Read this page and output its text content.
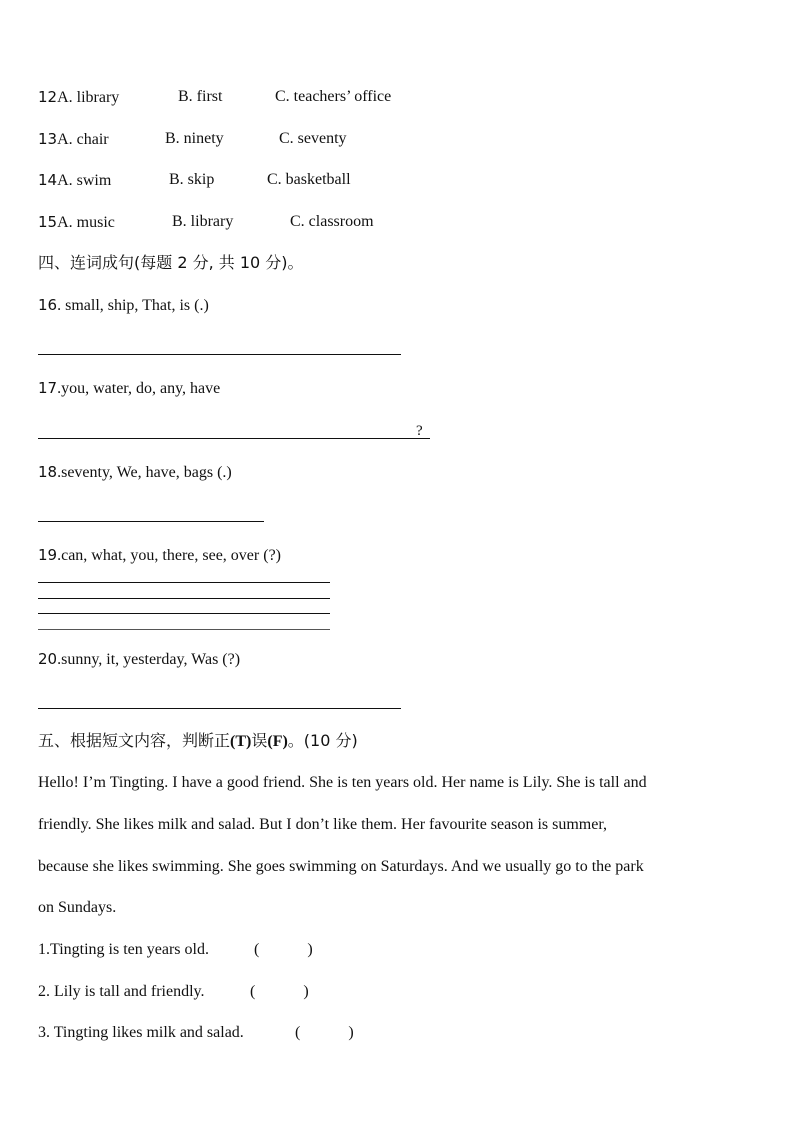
12A. library	B. first	C. teachers’ office
13A. chair	B. ninety	C. seventy
14A. swim	B. skip	C. basketball
15A. music	B. library	C. classroom
四、连词成句(每题 2 分, 共 10 分)。
16. small, ship, That, is (.)
17.you, water, do, any, have
?
18.seventy, We, have, bags (.)
19.can, what, you, there, see, over (?)
20.sunny, it, yesterday, Was (?)
五、根据短文内容，判断正(T)误(F)。(10 分)
Hello! I’m Tingting. I have a good friend. She is ten years old. Her name is Lily. She is tall and
friendly. She likes milk and salad. But I don’t like them. Her favourite season is summer,
because she likes swimming. She goes swimming on Saturdays. And we usually go to the park
on Sundays.
1.Tingting is ten years old.	(            )
2. Lily is tall and friendly.	(            )
3. Tingting likes milk and salad.	(            )
